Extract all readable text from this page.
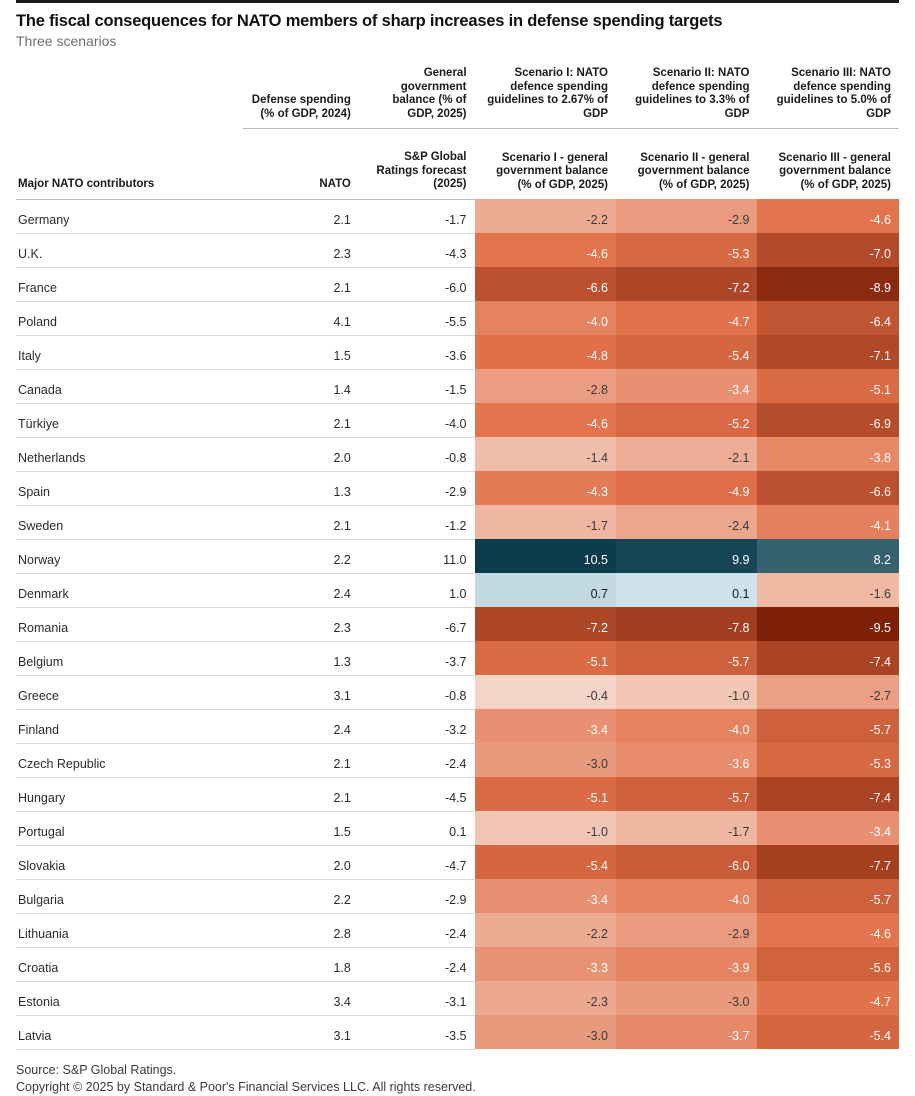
The fiscal consequences for NATO members of sharp increases in defense spending targets
Three scenarios
	Defense spending (% of GDP, 2024)	General government balance (% of GDP, 2025)	Scenario I: NATO defence spending guidelines to 2.67% of GDP	Scenario II: NATO defence spending guidelines to 3.3% of GDP	Scenario III: NATO defence spending guidelines to 5.0% of GDP

Major NATO contributors	NATO	S&P Global Ratings forecast (2025)	Scenario I - general government balance (% of GDP, 2025)	Scenario II - general government balance (% of GDP, 2025)	Scenario III - general government balance (% of GDP, 2025)
Germany	2.1	-1.7	-2.2	-2.9	-4.6
U.K.	2.3	-4.3	-4.6	-5.3	-7.0
France	2.1	-6.0	-6.6	-7.2	-8.9
Poland	4.1	-5.5	-4.0	-4.7	-6.4
Italy	1.5	-3.6	-4.8	-5.4	-7.1
Canada	1.4	-1.5	-2.8	-3.4	-5.1
Türkiye	2.1	-4.0	-4.6	-5.2	-6.9
Netherlands	2.0	-0.8	-1.4	-2.1	-3.8
Spain	1.3	-2.9	-4.3	-4.9	-6.6
Sweden	2.1	-1.2	-1.7	-2.4	-4.1
Norway	2.2	11.0	10.5	9.9	8.2
Denmark	2.4	1.0	0.7	0.1	-1.6
Romania	2.3	-6.7	-7.2	-7.8	-9.5
Belgium	1.3	-3.7	-5.1	-5.7	-7.4
Greece	3.1	-0.8	-0.4	-1.0	-2.7
Finland	2.4	-3.2	-3.4	-4.0	-5.7
Czech Republic	2.1	-2.4	-3.0	-3.6	-5.3
Hungary	2.1	-4.5	-5.1	-5.7	-7.4
Portugal	1.5	0.1	-1.0	-1.7	-3.4
Slovakia	2.0	-4.7	-5.4	-6.0	-7.7
Bulgaria	2.2	-2.9	-3.4	-4.0	-5.7
Lithuania	2.8	-2.4	-2.2	-2.9	-4.6
Croatia	1.8	-2.4	-3.3	-3.9	-5.6
Estonia	3.4	-3.1	-2.3	-3.0	-4.7
Latvia	3.1	-3.5	-3.0	-3.7	-5.4
Source: S&P Global Ratings.
Copyright © 2025 by Standard & Poor's Financial Services LLC. All rights reserved.
